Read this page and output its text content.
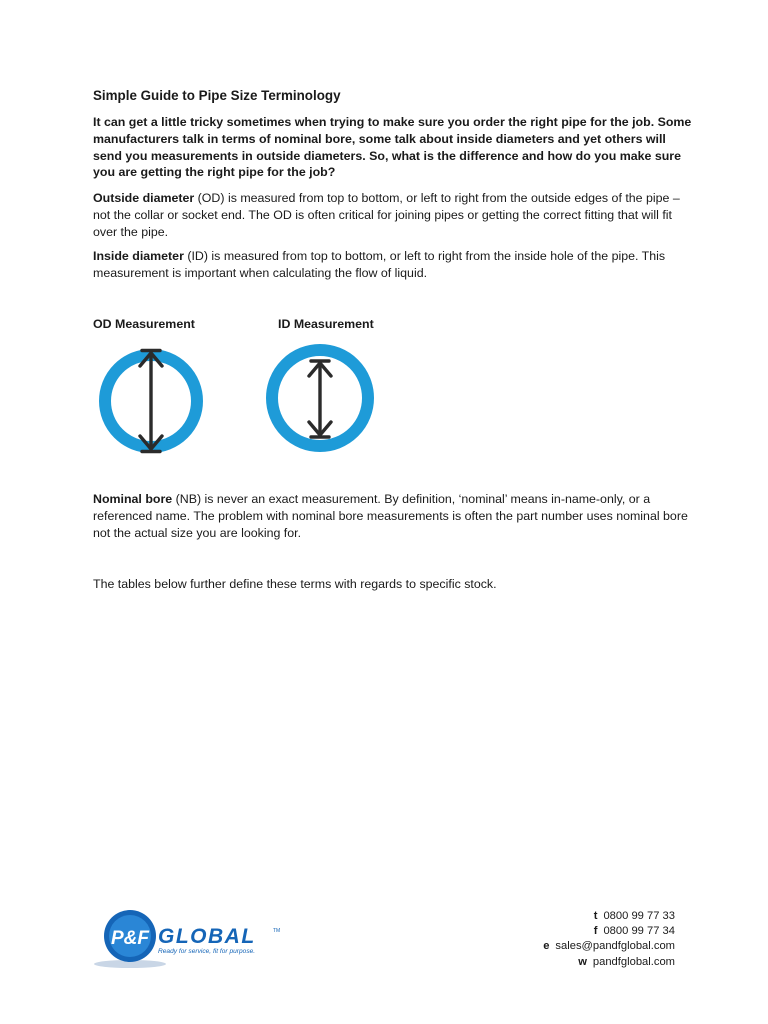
Simple Guide to Pipe Size Terminology

It can get a little tricky sometimes when trying to make sure you order the right pipe for the job. Some manufacturers talk in terms of nominal bore, some talk about inside diameters and yet others will send you measurements in outside diameters. So, what is the difference and how do you make sure you are getting the right pipe for the job?

Outside diameter (OD) is measured from top to bottom, or left to right from the outside edges of the pipe – not the collar or socket end. The OD is often critical for joining pipes or getting the correct fitting that will fit over the pipe.

Inside diameter (ID) is measured from top to bottom, or left to right from the inside hole of the pipe. This measurement is important when calculating the flow of liquid.

OD Measurement	ID Measurement

Nominal bore (NB) is never an exact measurement. By definition, ‘nominal’ means in-name-only, or a referenced name. The problem with nominal bore measurements is often the part number uses nominal bore not the actual size you are looking for.

The tables below further define these terms with regards to specific stock.

P&F GLOBAL	TM
Ready for service, fit for purpose.
t 0800 99 77 33
f 0800 99 77 34
e sales@pandfglobal.com
w pandfglobal.com
